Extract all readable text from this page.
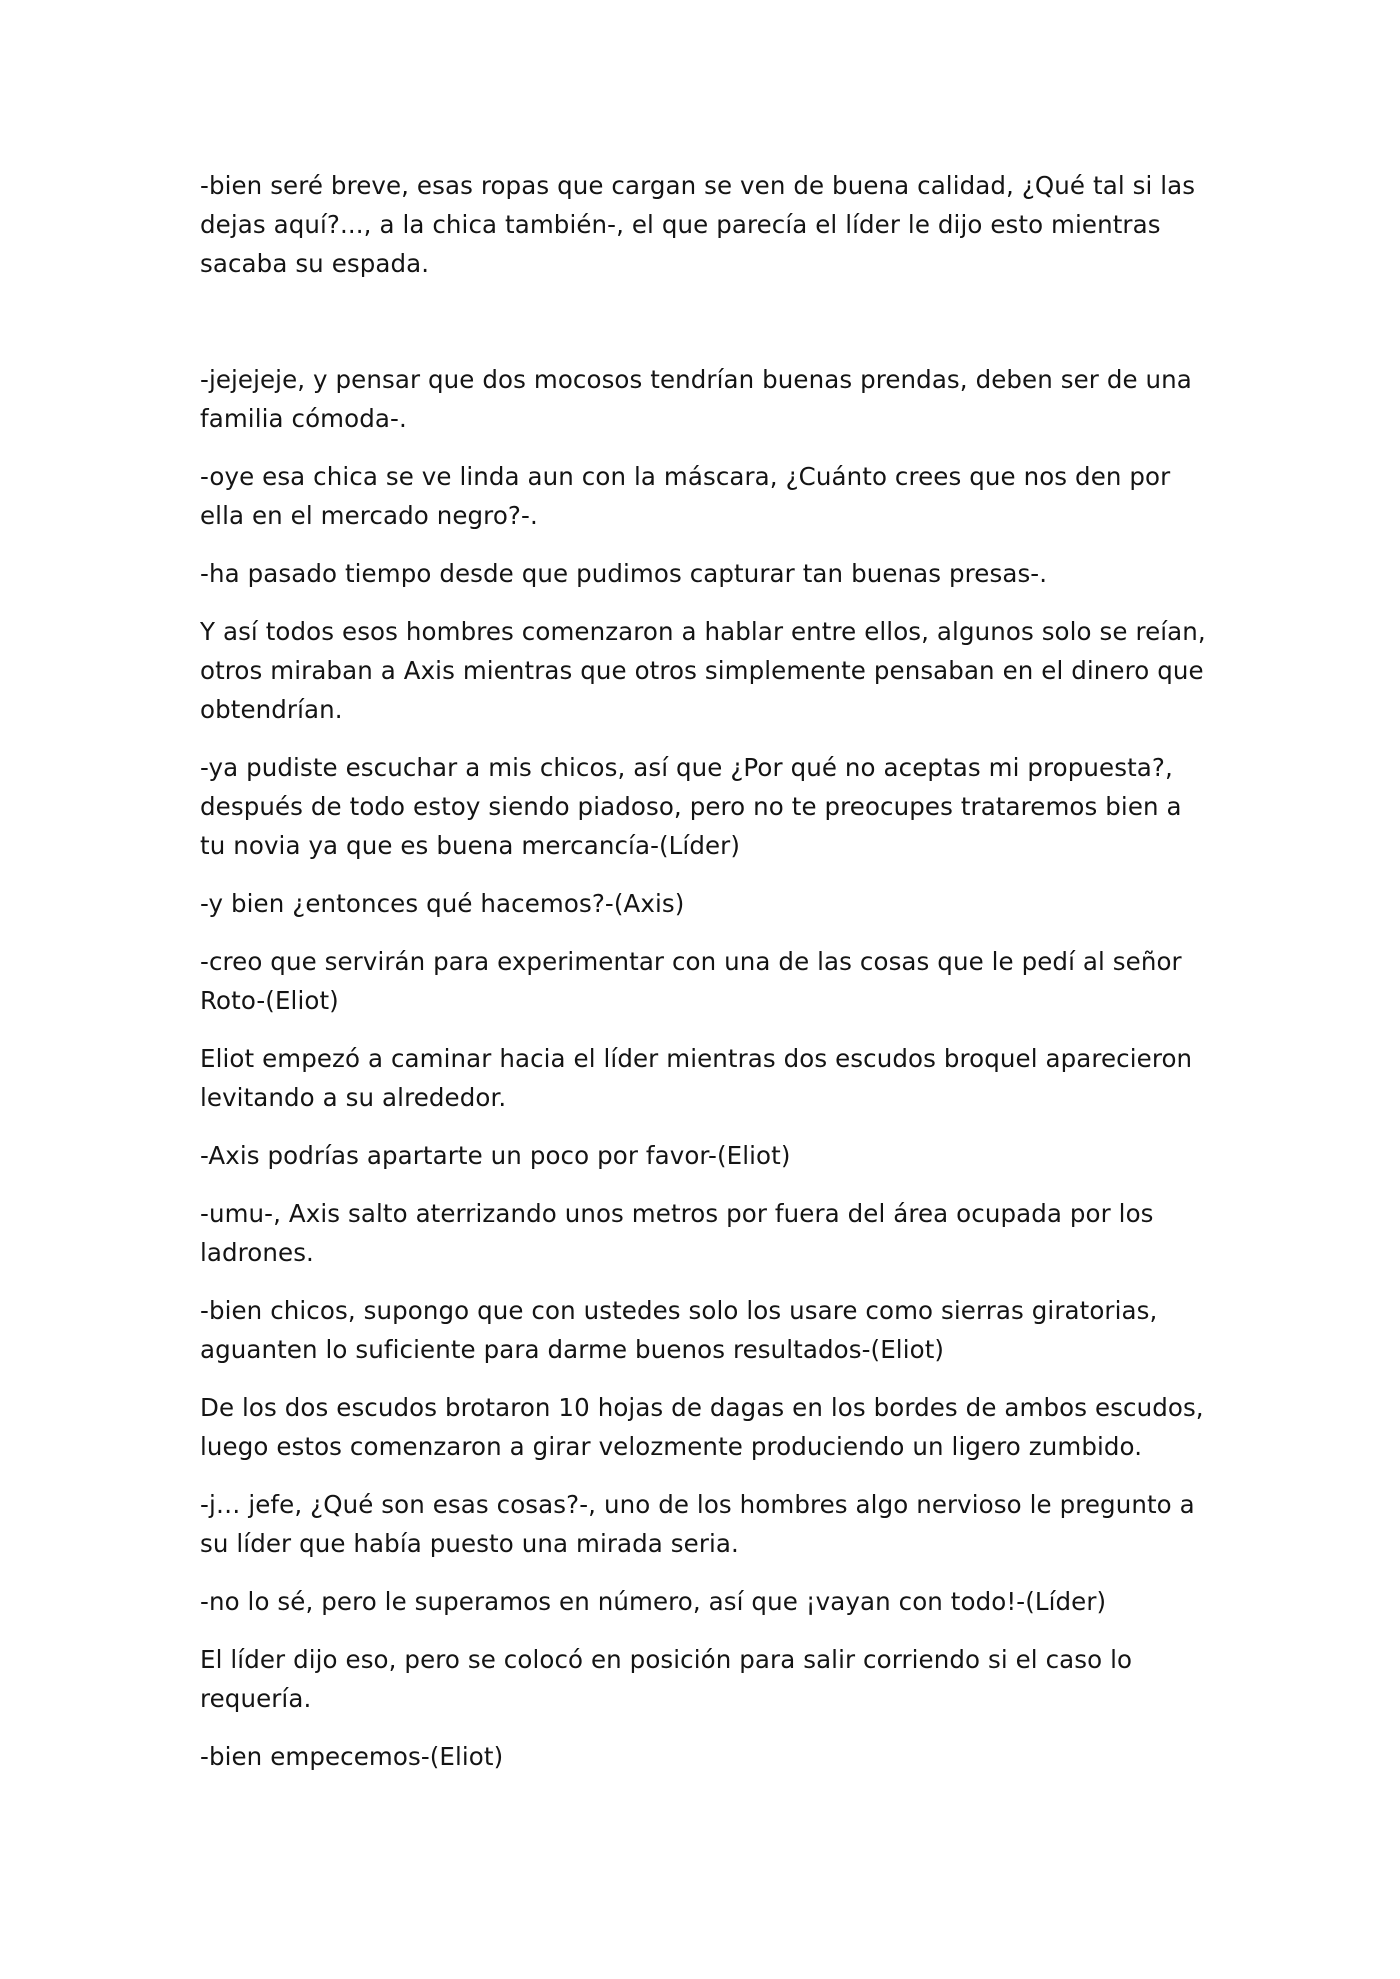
-bien seré breve, esas ropas que cargan se ven de buena calidad, ¿Qué tal si las dejas aquí?..., a la chica también-, el que parecía el líder le dijo esto mientras sacaba su espada.

-jejejeje, y pensar que dos mocosos tendrían buenas prendas, deben ser de una familia cómoda-.

-oye esa chica se ve linda aun con la máscara, ¿Cuánto crees que nos den por ella en el mercado negro?-.

-ha pasado tiempo desde que pudimos capturar tan buenas presas-.

Y así todos esos hombres comenzaron a hablar entre ellos, algunos solo se reían, otros miraban a Axis mientras que otros simplemente pensaban en el dinero que obtendrían.

-ya pudiste escuchar a mis chicos, así que ¿Por qué no aceptas mi propuesta?, después de todo estoy siendo piadoso, pero no te preocupes trataremos bien a tu novia ya que es buena mercancía-(Líder)

-y bien ¿entonces qué hacemos?-(Axis)

-creo que servirán para experimentar con una de las cosas que le pedí al señor Roto-(Eliot)

Eliot empezó a caminar hacia el líder mientras dos escudos broquel aparecieron levitando a su alrededor.

-Axis podrías apartarte un poco por favor-(Eliot)

-umu-, Axis salto aterrizando unos metros por fuera del área ocupada por los ladrones.

-bien chicos, supongo que con ustedes solo los usare como sierras giratorias, aguanten lo suficiente para darme buenos resultados-(Eliot)

De los dos escudos brotaron 10 hojas de dagas en los bordes de ambos escudos, luego estos comenzaron a girar velozmente produciendo un ligero zumbido.

-j… jefe, ¿Qué son esas cosas?-, uno de los hombres algo nervioso le pregunto a su líder que había puesto una mirada seria.

-no lo sé, pero le superamos en número, así que ¡vayan con todo!-(Líder)

El líder dijo eso, pero se colocó en posición para salir corriendo si el caso lo requería.

-bien empecemos-(Eliot)
